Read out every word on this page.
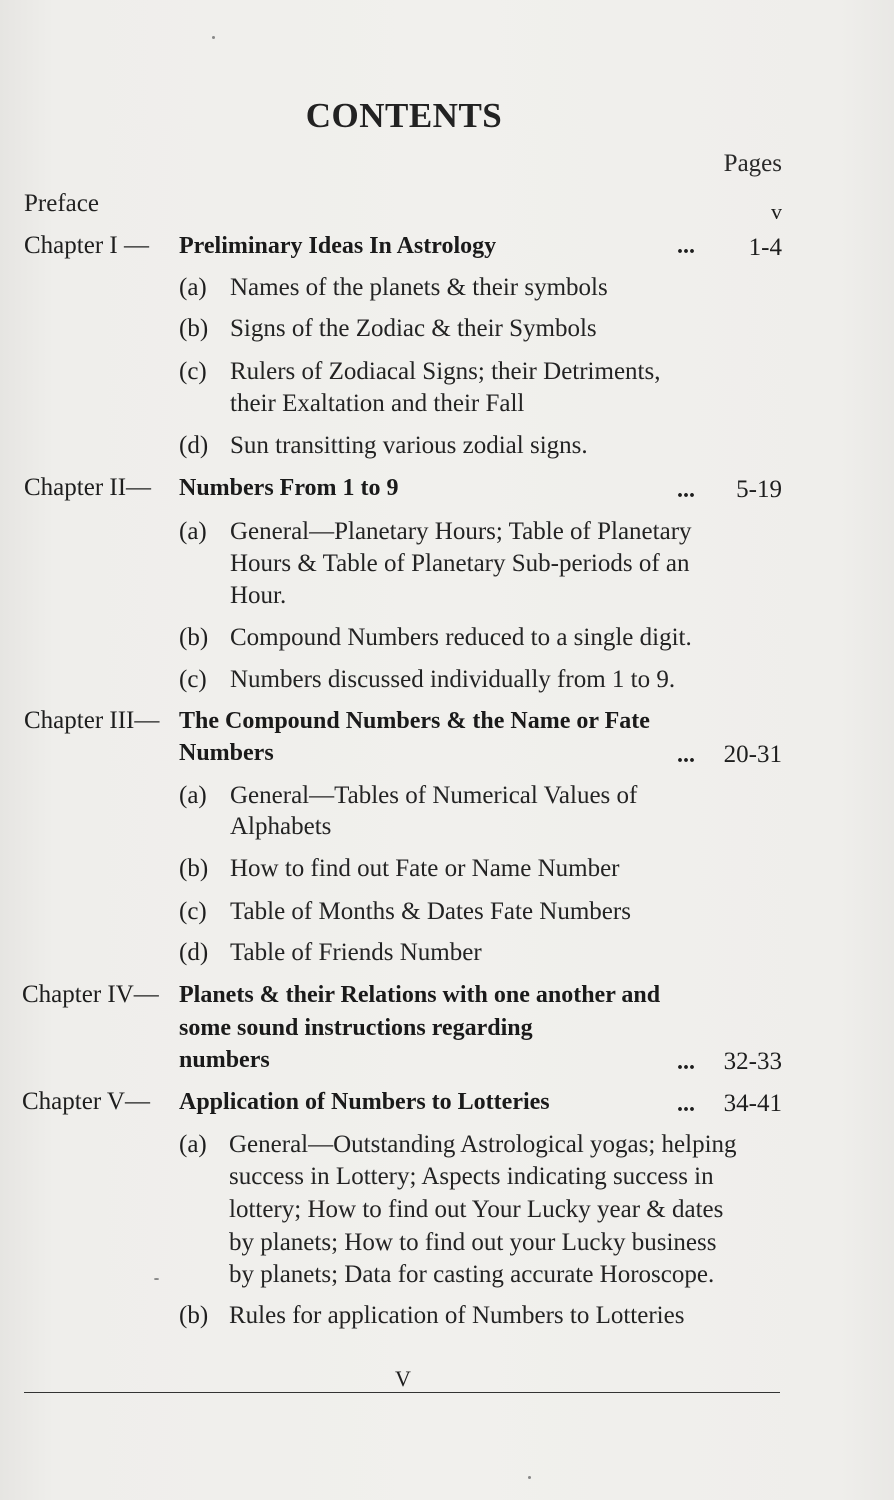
CONTENTS
Pages
Preface	v
Chapter I — Preliminary Ideas In Astrology	... 1-4
(a) Names of the planets & their symbols
(b) Signs of the Zodiac & their Symbols
(c) Rulers of Zodiacal Signs; their Detriments,
their Exaltation and their Fall
(d) Sun transitting various zodial signs.
Chapter II— Numbers From 1 to 9	... 5-19
(a) General—Planetary Hours; Table of Planetary
Hours & Table of Planetary Sub-periods of an
Hour.
(b) Compound Numbers reduced to a single digit.
(c) Numbers discussed individually from 1 to 9.
Chapter III— The Compound Numbers & the Name or Fate
Numbers	... 20-31
(a) General—Tables of Numerical Values of
Alphabets
(b) How to find out Fate or Name Number
(c) Table of Months & Dates Fate Numbers
(d) Table of Friends Number
Chapter IV— Planets & their Relations with one another and
some sound instructions regarding
numbers	... 32-33
Chapter V— Application of Numbers to Lotteries	... 34-41
(a) General—Outstanding Astrological yogas; helping
success in Lottery; Aspects indicating success in
lottery; How to find out Your Lucky year & dates
by planets; How to find out your Lucky business
by planets; Data for casting accurate Horoscope.
(b) Rules for application of Numbers to Lotteries
V
